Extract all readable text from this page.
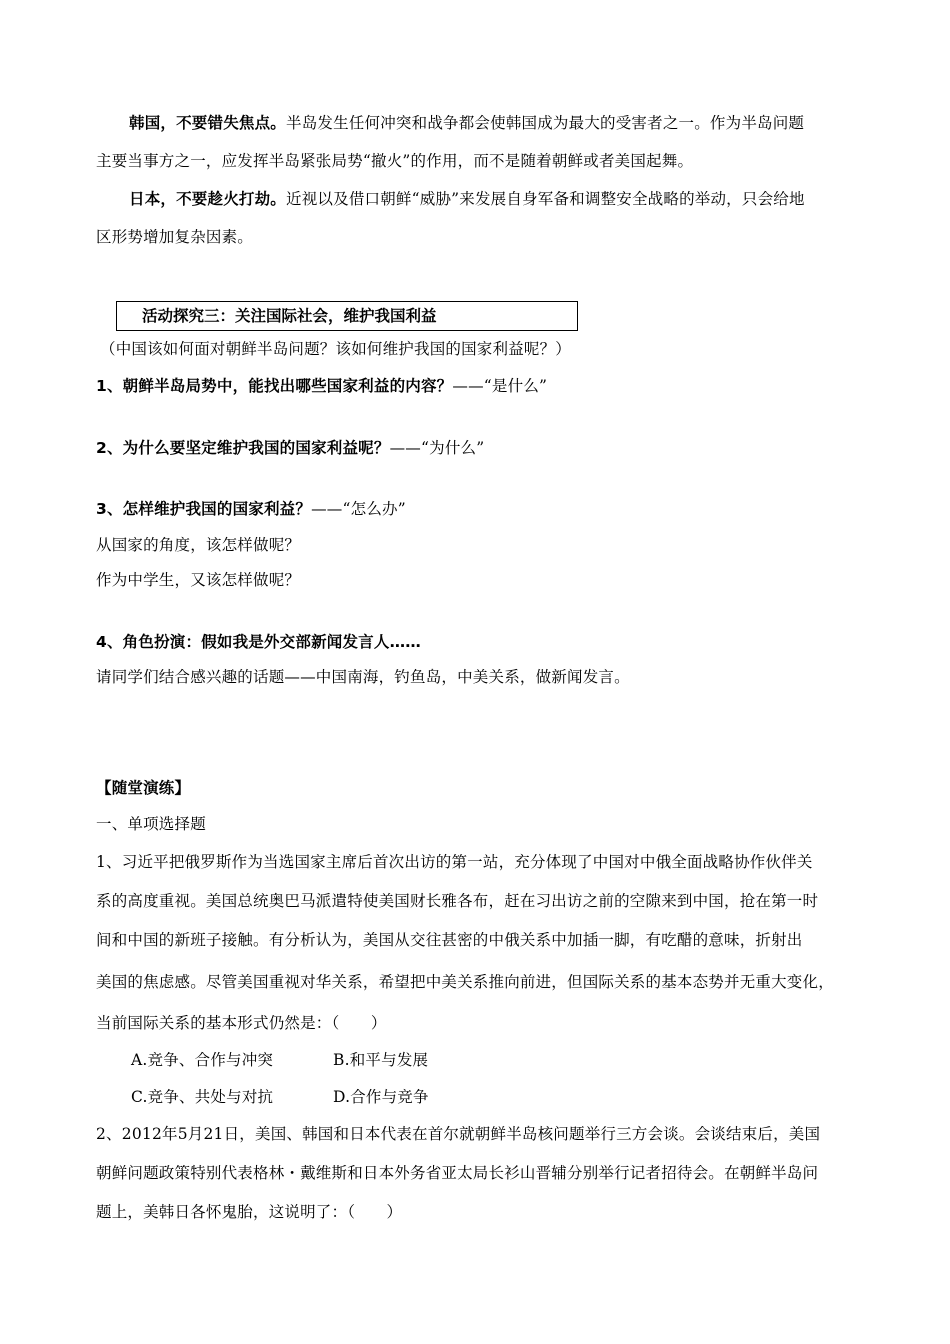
韩国，不要错失焦点。半岛发生任何冲突和战争都会使韩国成为最大的受害者之一。作为半岛问题
主要当事方之一，应发挥半岛紧张局势“撤火”的作用，而不是随着朝鲜或者美国起舞。
日本，不要趁火打劫。近视以及借口朝鲜“威胁”来发展自身军备和调整安全战略的举动，只会给地
区形势增加复杂因素。
活动探究三：关注国际社会，维护我国利益
（中国该如何面对朝鲜半岛问题？该如何维护我国的国家利益呢？）
1、朝鲜半岛局势中，能找出哪些国家利益的内容？——“是什么”
2、为什么要坚定维护我国的国家利益呢？——“为什么”
3、怎样维护我国的国家利益？——“怎么办”
从国家的角度，该怎样做呢？
作为中学生，又该怎样做呢？
4、角色扮演：假如我是外交部新闻发言人……
请同学们结合感兴趣的话题——中国南海，钓鱼岛，中美关系，做新闻发言。
【随堂演练】
一、单项选择题
1、习近平把俄罗斯作为当选国家主席后首次出访的第一站，充分体现了中国对中俄全面战略协作伙伴关
系的高度重视。美国总统奥巴马派遣特使美国财长雅各布，赶在习出访之前的空隙来到中国，抢在第一时
间和中国的新班子接触。有分析认为，美国从交往甚密的中俄关系中加插一脚，有吃醋的意味，折射出
美国的焦虑感。尽管美国重视对华关系，希望把中美关系推向前进，但国际关系的基本态势并无重大变化，
当前国际关系的基本形式仍然是：（　　）
A.竞争、合作与冲突	B.和平与发展
C.竞争、共处与对抗	D.合作与竞争
2、2012年5月21日，美国、韩国和日本代表在首尔就朝鲜半岛核问题举行三方会谈。会谈结束后，美国
朝鲜问题政策特别代表格林・戴维斯和日本外务省亚太局长衫山晋辅分别举行记者招待会。在朝鲜半岛问
题上，美韩日各怀鬼胎，这说明了：（　　）
